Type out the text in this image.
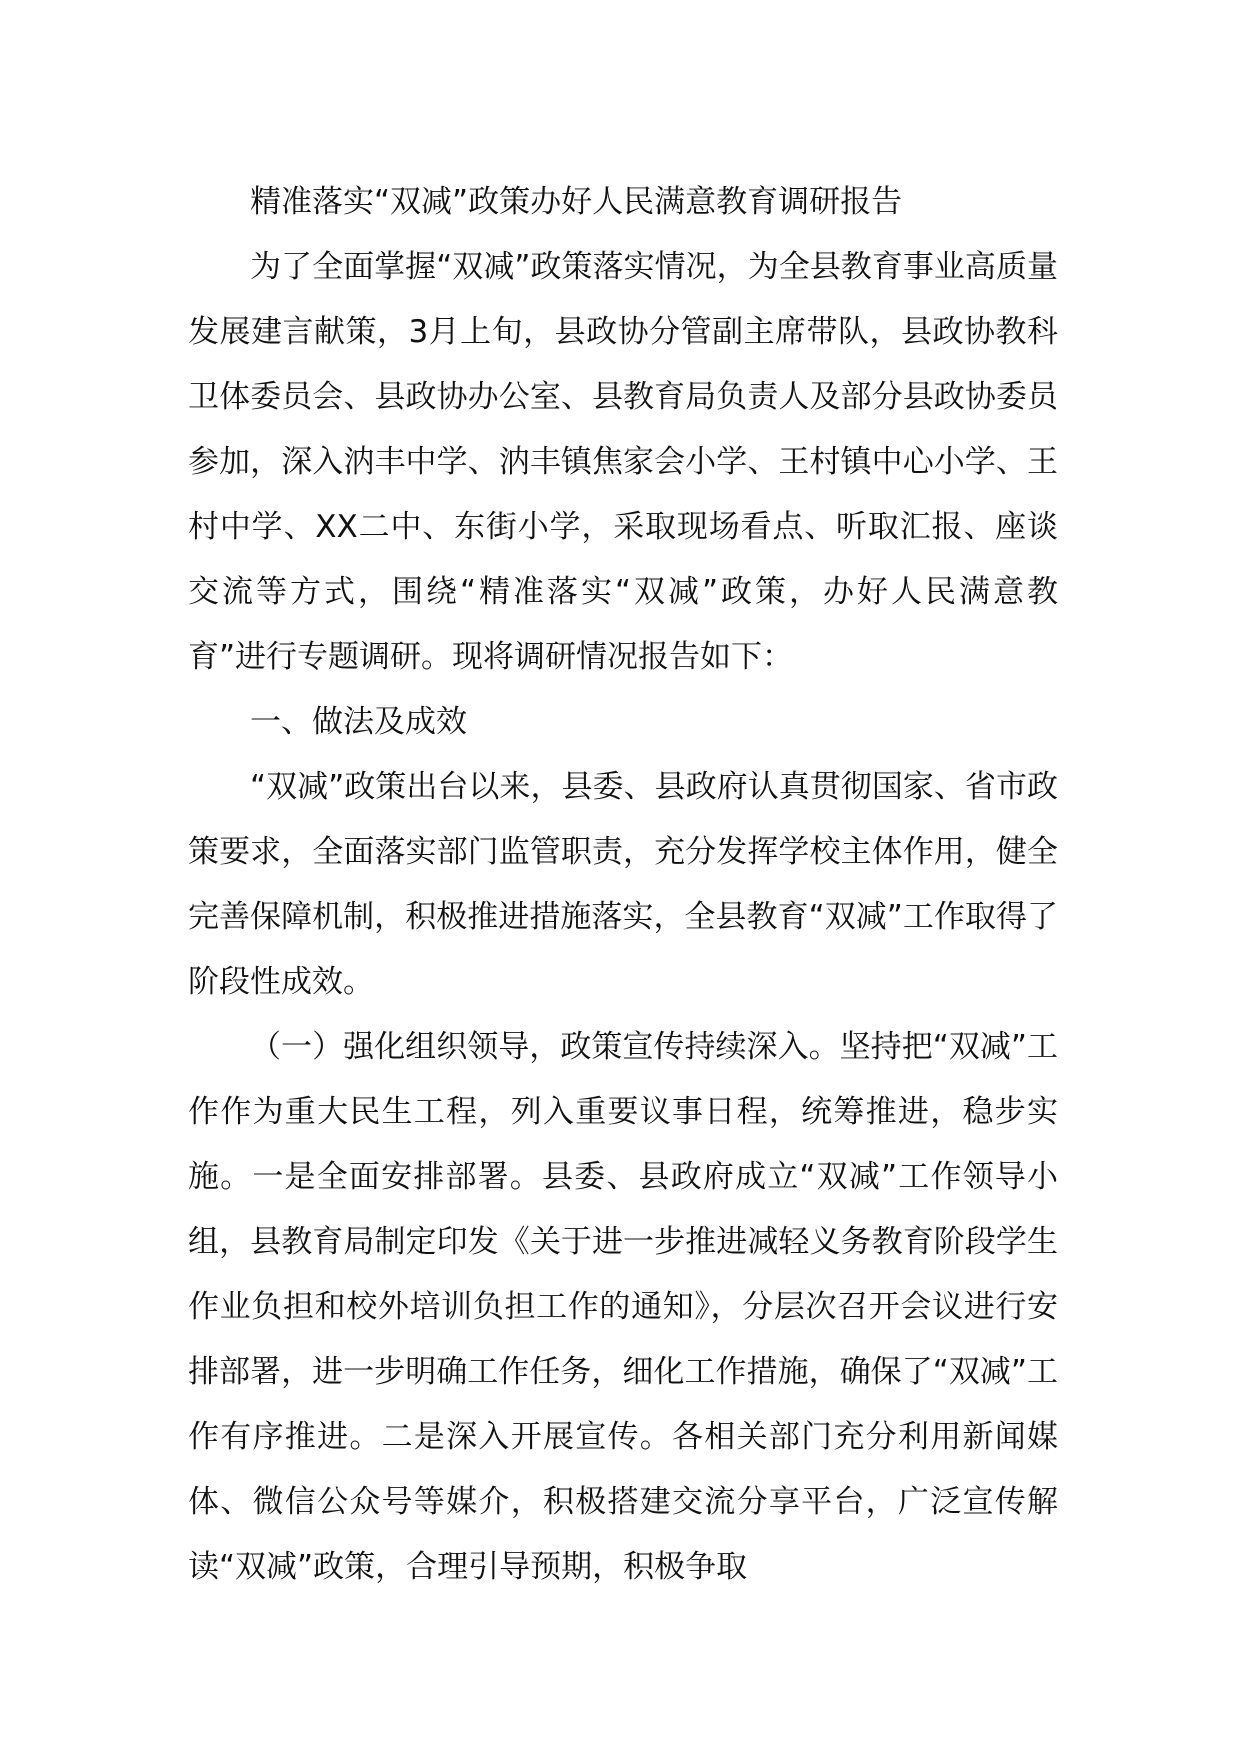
精准落实“双减”政策办好人民满意教育调研报告

为了全面掌握“双减”政策落实情况，为全县教育事业高质量发展建言献策，3月上旬，县政协分管副主席带队，县政协教科卫体委员会、县政协办公室、县教育局负责人及部分县政协委员参加，深入汭丰中学、汭丰镇焦家会小学、王村镇中心小学、王村中学、XX二中、东街小学，采取现场看点、听取汇报、座谈交流等方式，围绕“精准落实“双减”政策，办好人民满意教育”进行专题调研。现将调研情况报告如下：

一、做法及成效

“双减”政策出台以来，县委、县政府认真贯彻国家、省市政策要求，全面落实部门监管职责，充分发挥学校主体作用，健全完善保障机制，积极推进措施落实，全县教育“双减”工作取得了阶段性成效。

（一）强化组织领导，政策宣传持续深入。坚持把“双减”工作作为重大民生工程，列入重要议事日程，统筹推进，稳步实施。一是全面安排部署。县委、县政府成立“双减”工作领导小组，县教育局制定印发《关于进一步推进减轻义务教育阶段学生作业负担和校外培训负担工作的通知》，分层次召开会议进行安排部署，进一步明确工作任务，细化工作措施，确保了“双减”工作有序推进。二是深入开展宣传。各相关部门充分利用新闻媒体、微信公众号等媒介，积极搭建交流分享平台，广泛宣传解读“双减”政策，合理引导预期，积极争取
